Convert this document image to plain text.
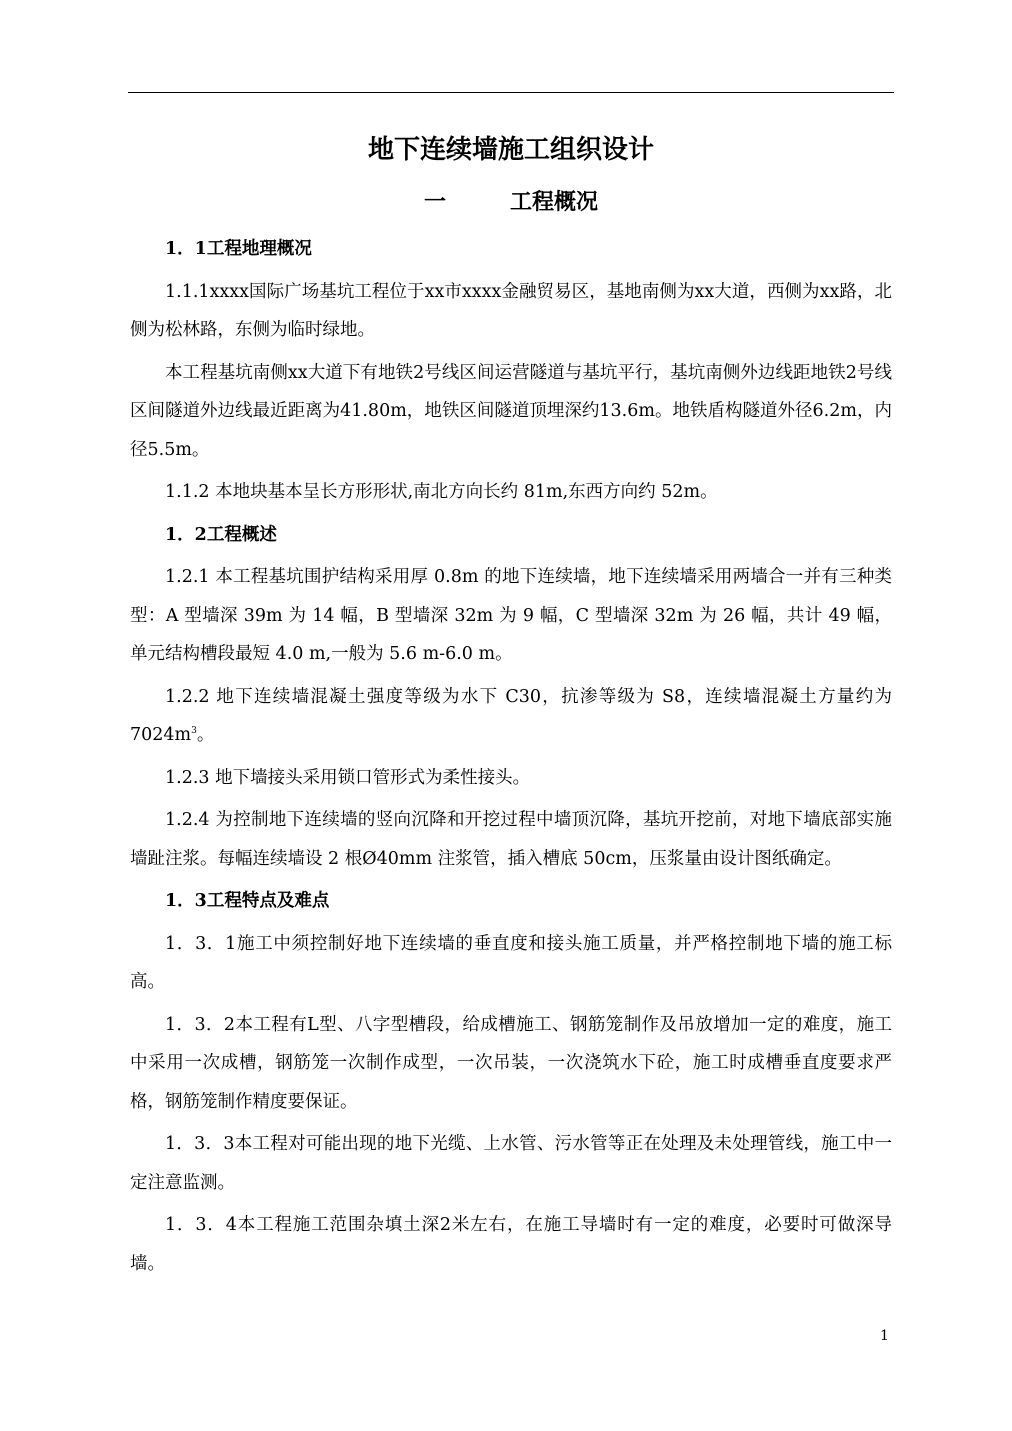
地下连续墙施工组织设计
一	工程概况

1．1工程地理概况

1.1.1xxxx国际广场基坑工程位于xx市xxxx金融贸易区，基地南侧为xx大道，西侧为xx路，北侧为松林路，东侧为临时绿地。

本工程基坑南侧xx大道下有地铁2号线区间运营隧道与基坑平行，基坑南侧外边线距地铁2号线区间隧道外边线最近距离为41.80m，地铁区间隧道顶埋深约13.6m。地铁盾构隧道外径6.2m，内径5.5m。

1.1.2 本地块基本呈长方形形状,南北方向长约 81m,东西方向约 52m。

1．2工程概述

1.2.1 本工程基坑围护结构采用厚 0.8m 的地下连续墙，地下连续墙采用两墙合一并有三种类型：A 型墙深 39m 为 14 幅，B 型墙深 32m 为 9 幅，C 型墙深 32m 为 26 幅，共计 49 幅，单元结构槽段最短 4.0 m,一般为 5.6 m-6.0 m。

1.2.2 地下连续墙混凝土强度等级为水下 C30，抗渗等级为 S8，连续墙混凝土方量约为 $7024m^3$。

1.2.3 地下墙接头采用锁口管形式为柔性接头。

1.2.4 为控制地下连续墙的竖向沉降和开挖过程中墙顶沉降，基坑开挖前，对地下墙底部实施墙趾注浆。每幅连续墙设 2 根Ø40mm 注浆管，插入槽底 50cm，压浆量由设计图纸确定。

1．3工程特点及难点

1．3．1施工中须控制好地下连续墙的垂直度和接头施工质量，并严格控制地下墙的施工标高。

1．3．2本工程有L型、八字型槽段，给成槽施工、钢筋笼制作及吊放增加一定的难度，施工中采用一次成槽，钢筋笼一次制作成型，一次吊装，一次浇筑水下砼，施工时成槽垂直度要求严格，钢筋笼制作精度要保证。

1．3．3本工程对可能出现的地下光缆、上水管、污水管等正在处理及未处理管线，施工中一定注意监测。

1．3．4本工程施工范围杂填土深2米左右，在施工导墙时有一定的难度，必要时可做深导墙。

1
